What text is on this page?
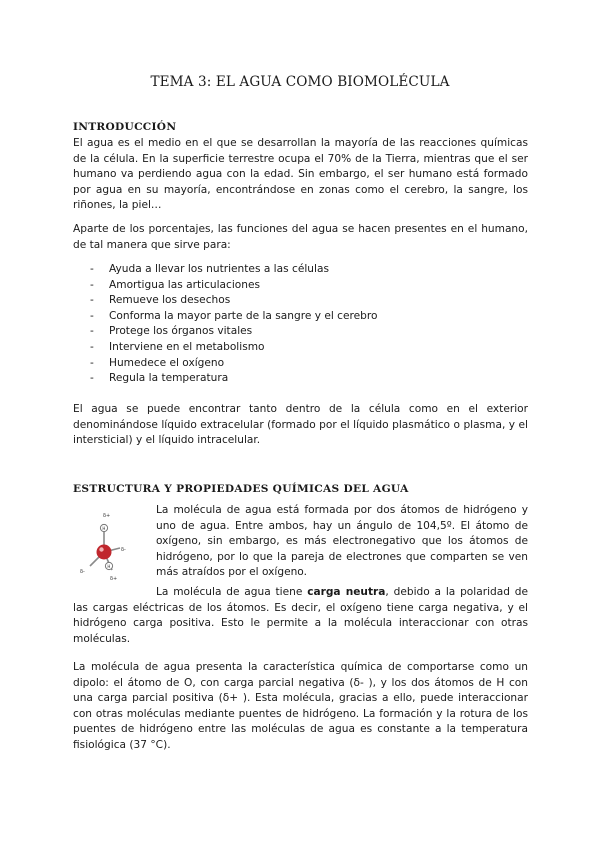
TEMA 3: EL AGUA COMO BIOMOLÉCULA
INTRODUCCIÓN
El agua es el medio en el que se desarrollan la mayoría de las reacciones químicas de la célula. En la superficie terrestre ocupa el 70% de la Tierra, mientras que el ser humano va perdiendo agua con la edad. Sin embargo, el ser humano está formado por agua en su mayoría, encontrándose en zonas como el cerebro, la sangre, los riñones, la piel…
Aparte de los porcentajes, las funciones del agua se hacen presentes en el humano, de tal manera que sirve para:
- Ayuda a llevar los nutrientes a las células
- Amortigua las articulaciones
- Remueve los desechos
- Conforma la mayor parte de la sangre y el cerebro
- Protege los órganos vitales
- Interviene en el metabolismo
- Humedece el oxígeno
- Regula la temperatura
El agua se puede encontrar tanto dentro de la célula como en el exterior denominándose líquido extracelular (formado por el líquido plasmático o plasma, y el intersticial) y el líquido intracelular.
ESTRUCTURA Y PROPIEDADES QUÍMICAS DEL AGUA
δ+
δ-
δ-
δ+
H
H
La molécula de agua está formada por dos átomos de hidrógeno y uno de agua. Entre ambos, hay un ángulo de 104,5º. El átomo de oxígeno, sin embargo, es más electronegativo que los átomos de hidrógeno, por lo que la pareja de electrones que comparten se ven más atraídos por el oxígeno.
La molécula de agua tiene carga neutra, debido a la polaridad de las cargas eléctricas de los átomos. Es decir, el oxígeno tiene carga negativa, y el hidrógeno carga positiva. Esto le permite a la molécula interaccionar con otras moléculas.
La molécula de agua presenta la característica química de comportarse como un dipolo: el átomo de O, con carga parcial negativa (δ- ), y los dos átomos de H con una carga parcial positiva (δ+ ). Esta molécula, gracias a ello, puede interaccionar con otras moléculas mediante puentes de hidrógeno. La formación y la rotura de los puentes de hidrógeno entre las moléculas de agua es constante a la temperatura fisiológica (37 °C).
